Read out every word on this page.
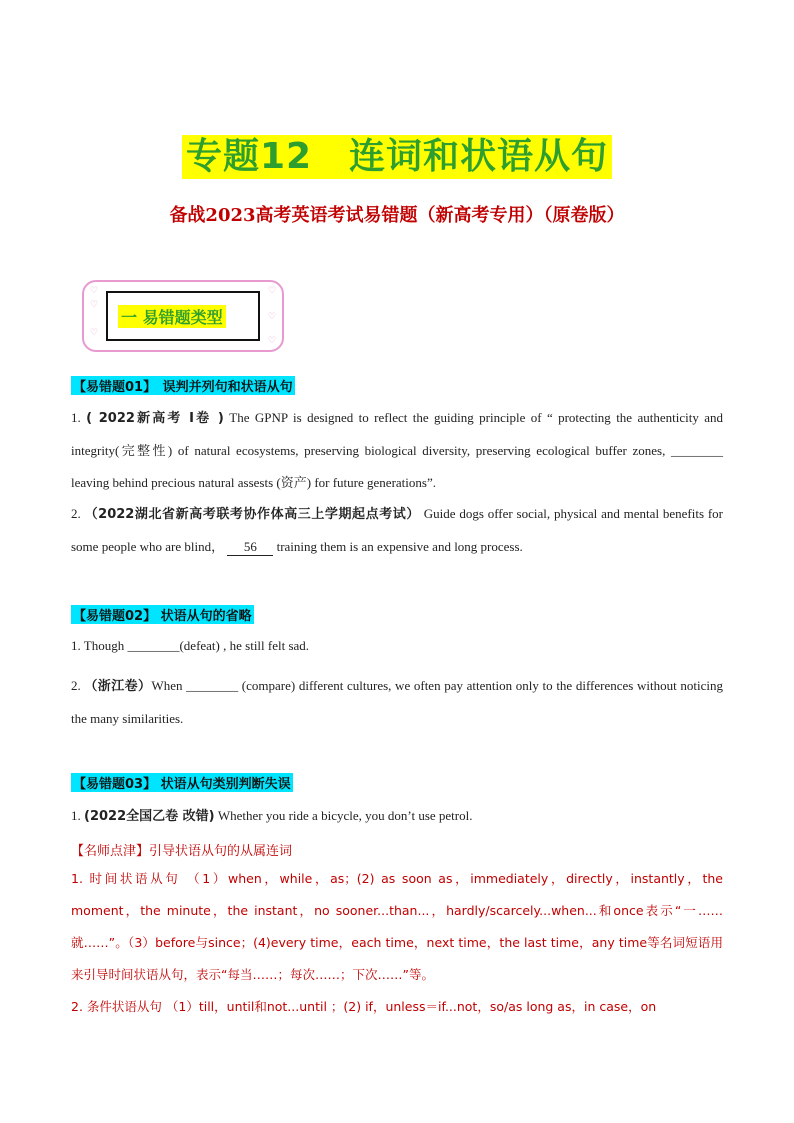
专题12　连词和状语从句
备战2023高考英语考试易错题（新高考专用）（原卷版）
♡
♡
♡
♡
♡
♡
一 易错题类型
【易错题01】　误判并列句和状语从句
1. ( 2022新高考 I卷 ) The GPNP is designed to reflect the guiding principle of “ protecting the authenticity and integrity(完整性) of natural ecosystems, preserving biological diversity, preserving ecological buffer zones, ________ leaving behind precious natural assests (资产) for future generations”.
2. （2022湖北省新高考联考协作体高三上学期起点考试） Guide dogs offer social, physical and mental benefits for some people who are blind， 56 training them is an expensive and long process.
【易错题02】 状语从句的省略
1. Though ________(defeat) , he still felt sad.
2. （浙江卷）When ________ (compare) different cultures, we often pay attention only to the differences without noticing the many similarities.
【易错题03】 状语从句类别判断失误
1. (2022全国乙卷 改错) Whether you ride a bicycle, you don’t use petrol.
【名师点津】引导状语从句的从属连词
1. 时间状语从句 （1）when，while，as；(2) as soon as，immediately，directly，instantly，the moment，the minute，the instant，no sooner...than...，hardly/scarcely...when...和once表示“一……就……”。（3）before与since；(4)every time，each time，next time，the last time，any time等名词短语用来引导时间状语从句，表示“每当……；每次……；下次……”等。
2. 条件状语从句 （1）till，until和not...until ；(2) if，unless＝if...not，so/as long as，in case，on
